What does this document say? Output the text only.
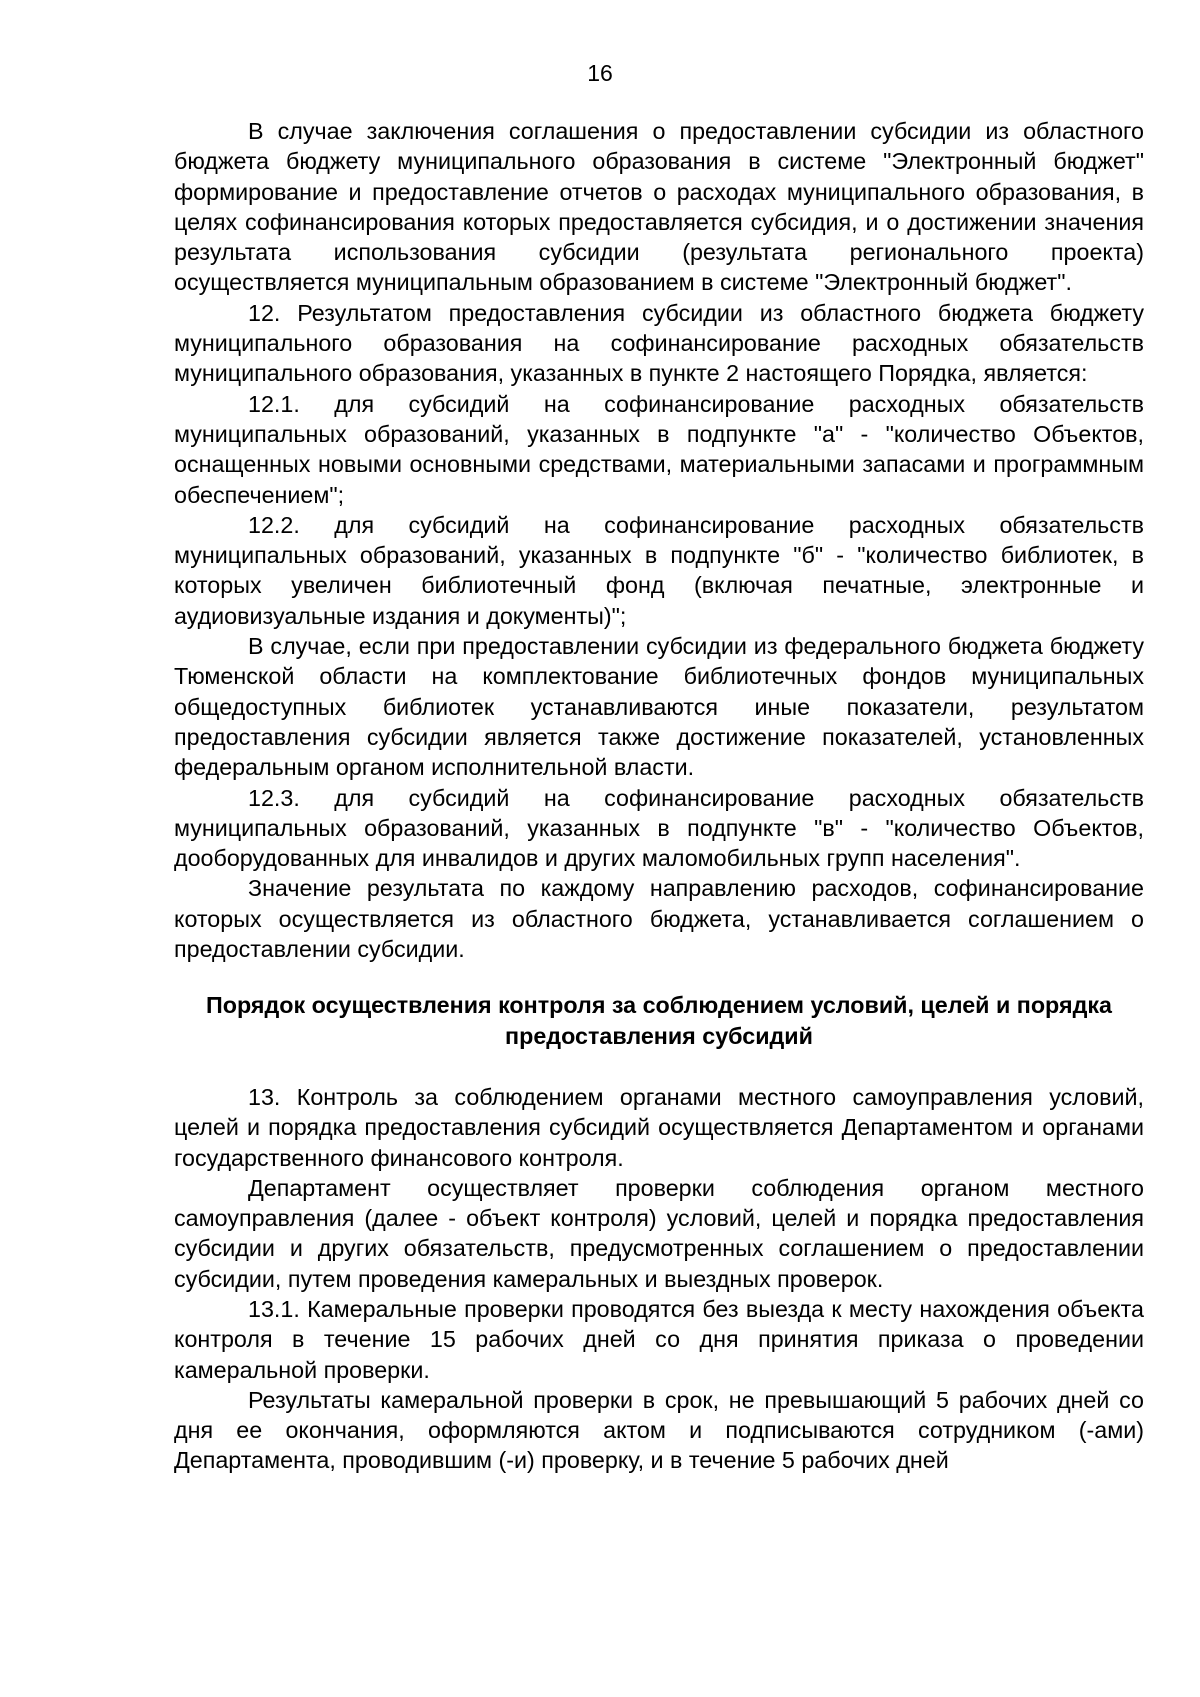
16

В случае заключения соглашения о предоставлении субсидии из областного бюджета бюджету муниципального образования в системе "Электронный бюджет" формирование и предоставление отчетов о расходах муниципального образования, в целях софинансирования которых предоставляется субсидия, и о достижении значения результата использования субсидии (результата регионального проекта) осуществляется муниципальным образованием в системе "Электронный бюджет".

12. Результатом предоставления субсидии из областного бюджета бюджету муниципального образования на софинансирование расходных обязательств муниципального образования, указанных в пункте 2 настоящего Порядка, является:

12.1. для субсидий на софинансирование расходных обязательств муниципальных образований, указанных в подпункте "а" - "количество Объектов, оснащенных новыми основными средствами, материальными запасами и программным обеспечением";

12.2. для субсидий на софинансирование расходных обязательств муниципальных образований, указанных в подпункте "б" - "количество библиотек, в которых увеличен библиотечный фонд (включая печатные, электронные и аудиовизуальные издания и документы)";

В случае, если при предоставлении субсидии из федерального бюджета бюджету Тюменской области на комплектование библиотечных фондов муниципальных общедоступных библиотек устанавливаются иные показатели, результатом предоставления субсидии является также достижение показателей, установленных федеральным органом исполнительной власти.

12.3. для субсидий на софинансирование расходных обязательств муниципальных образований, указанных в подпункте "в" - "количество Объектов, дооборудованных для инвалидов и других маломобильных групп населения".

Значение результата по каждому направлению расходов, софинансирование которых осуществляется из областного бюджета, устанавливается соглашением о предоставлении субсидии.

Порядок осуществления контроля за соблюдением условий, целей и порядка предоставления субсидий

13. Контроль за соблюдением органами местного самоуправления условий, целей и порядка предоставления субсидий осуществляется Департаментом и органами государственного финансового контроля.

Департамент осуществляет проверки соблюдения органом местного самоуправления (далее - объект контроля) условий, целей и порядка предоставления субсидии и других обязательств, предусмотренных соглашением о предоставлении субсидии, путем проведения камеральных и выездных проверок.

13.1. Камеральные проверки проводятся без выезда к месту нахождения объекта контроля в течение 15 рабочих дней со дня принятия приказа о проведении камеральной проверки.

Результаты камеральной проверки в срок, не превышающий 5 рабочих дней со дня ее окончания, оформляются актом и подписываются сотрудником (-ами) Департамента, проводившим (-и) проверку, и в течение 5 рабочих дней
